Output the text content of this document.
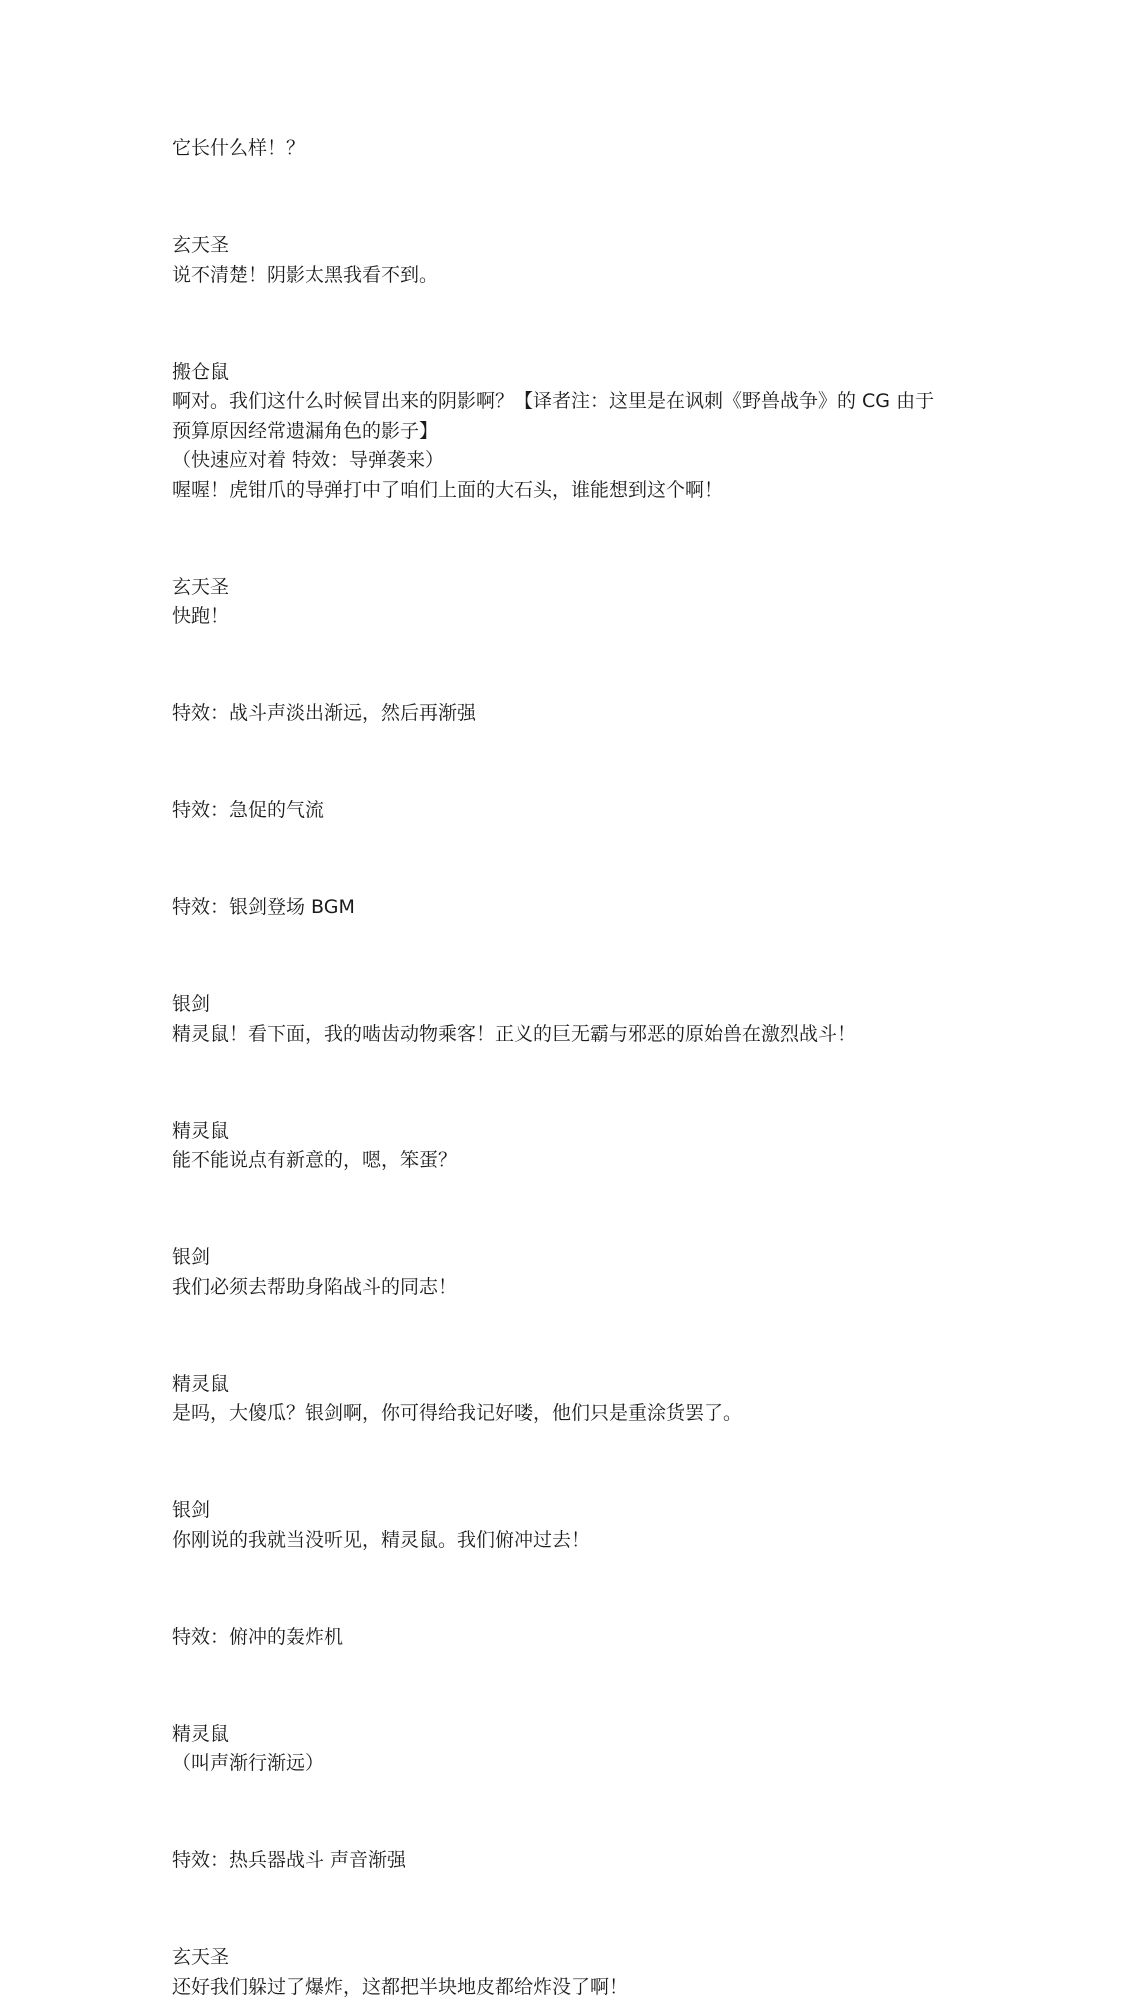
它长什么样！？

玄天圣

说不清楚！阴影太黑我看不到。

搬仓鼠

啊对。我们这什么时候冒出来的阴影啊？【译者注：这里是在讽刺《野兽战争》的 CG 由于

预算原因经常遗漏角色的影子】

（快速应对着 特效：导弹袭来）

喔喔！虎钳爪的导弹打中了咱们上面的大石头，谁能想到这个啊！

玄天圣

快跑！

特效：战斗声淡出渐远，然后再渐强

特效：急促的气流

特效：银剑登场 BGM

银剑

精灵鼠！看下面，我的啮齿动物乘客！正义的巨无霸与邪恶的原始兽在激烈战斗！

精灵鼠

能不能说点有新意的，嗯，笨蛋？

银剑

我们必须去帮助身陷战斗的同志！

精灵鼠

是吗，大傻瓜？银剑啊，你可得给我记好喽，他们只是重涂货罢了。

银剑

你刚说的我就当没听见，精灵鼠。我们俯冲过去！

特效：俯冲的轰炸机

精灵鼠

（叫声渐行渐远）

特效：热兵器战斗 声音渐强

玄天圣

还好我们躲过了爆炸，这都把半块地皮都给炸没了啊！
